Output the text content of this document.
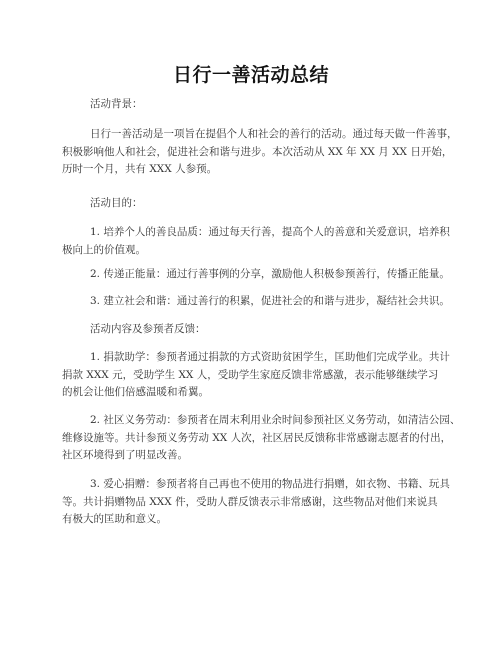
日行一善活动总结

活动背景：

日行一善活动是一项旨在提倡个人和社会的善行的活动。通过每天做一件善事，
积极影响他人和社会，促进社会和谐与进步。本次活动从 XX 年 XX 月 XX 日开始，
历时一个月，共有 XXX 人参预。

活动目的：

1. 培养个人的善良品质：通过每天行善，提高个人的善意和关爱意识，培养积
极向上的价值观。

2. 传递正能量：通过行善事例的分享，激励他人积极参预善行，传播正能量。

3. 建立社会和谐：通过善行的积累，促进社会的和谐与进步，凝结社会共识。

活动内容及参预者反馈：

1. 捐款助学：参预者通过捐款的方式资助贫困学生，匡助他们完成学业。共计
捐款 XXX 元，受助学生 XX 人，受助学生家庭反馈非常感激，表示能够继续学习
的机会让他们倍感温暖和希翼。

2. 社区义务劳动：参预者在周末利用业余时间参预社区义务劳动，如清洁公园、
维修设施等。共计参预义务劳动 XX 人次，社区居民反馈称非常感谢志愿者的付出，
社区环境得到了明显改善。

3. 爱心捐赠：参预者将自己再也不使用的物品进行捐赠，如衣物、书籍、玩具
等。共计捐赠物品 XXX 件，受助人群反馈表示非常感谢，这些物品对他们来说具
有极大的匡助和意义。
